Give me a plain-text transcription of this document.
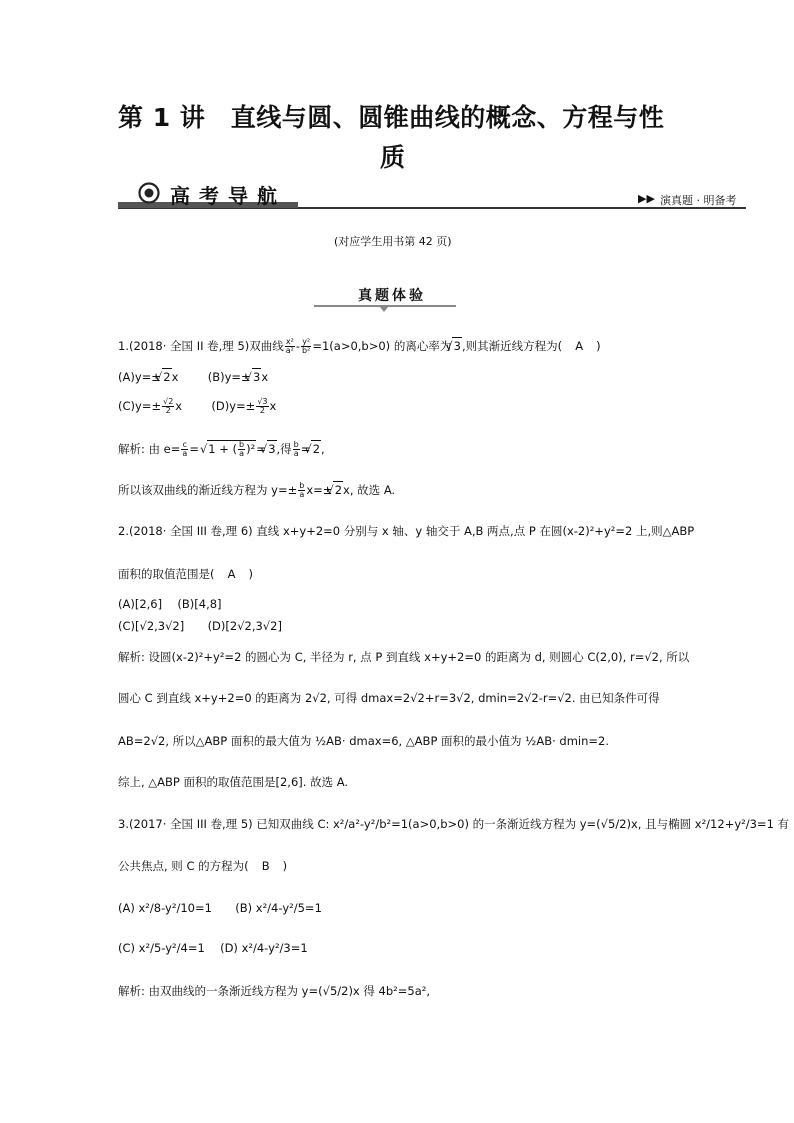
第 1 讲　直线与圆、圆锥曲线的概念、方程与性
质
高考导航	▶▶ 演真题 · 明备考
(对应学生用书第 42 页)
真题体验
1.(2018· 全国 II 卷,理 5)双曲线 $\frac{\text{x²}}{\text{a²}} - \frac{\text{y²}}{\text{b²}} =1(a>0,b>0)$ 的离心率为√ 3,则其渐近线方程为( A )
(A)y=±√ 2x	(B)y=±√ 3x
$(C)y=\pm \frac{√2}{2}$ x	$(D)y=\pm \frac{√3}{2}$ x
解析: 由 $e= \frac{c}{a}$ =√ 1 + ( $\frac{b}{a} )^2=√$ 3,得 $\frac{b}{a}$ =√ 2,
所以该双曲线的渐近线方程为 $y=\pm \frac{b}{a} x=\pm√$ 2x, 故选 A.
2.(2018· 全国 III 卷,理 6) 直线 x+y+2=0 分别与 x 轴、y 轴交于 A,B 两点,点 P 在圆(x-2)²+y²=2 上,则△ABP
面积的取值范围是( A )
(A)[2,6] (B)[4,8]
(C)[√2,3√2] (D)[2√2,3√2]
解析: 设圆(x-2)²+y²=2 的圆心为 C, 半径为 r, 点 P 到直线 x+y+2=0 的距离为 d, 则圆心 C(2,0), r=√2, 所以
圆心 C 到直线 x+y+2=0 的距离为 2√2, 可得 dmax=2√2+r=3√2, dmin=2√2-r=√2. 由已知条件可得
AB=2√2, 所以△ABP 面积的最大值为 ½AB· dmax=6, △ABP 面积的最小值为 ½AB· dmin=2.
综上, △ABP 面积的取值范围是[2,6]. 故选 A.
3.(2017· 全国 III 卷,理 5) 已知双曲线 C: x²/a²-y²/b²=1(a>0,b>0) 的一条渐近线方程为 y=(√5/2)x, 且与椭圆 x²/12+y²/3=1 有
公共焦点, 则 C 的方程为( B )
(A) x²/8-y²/10=1 (B) x²/4-y²/5=1
(C) x²/5-y²/4=1 (D) x²/4-y²/3=1
解析: 由双曲线的一条渐近线方程为 y=(√5/2)x 得 4b²=5a²,
